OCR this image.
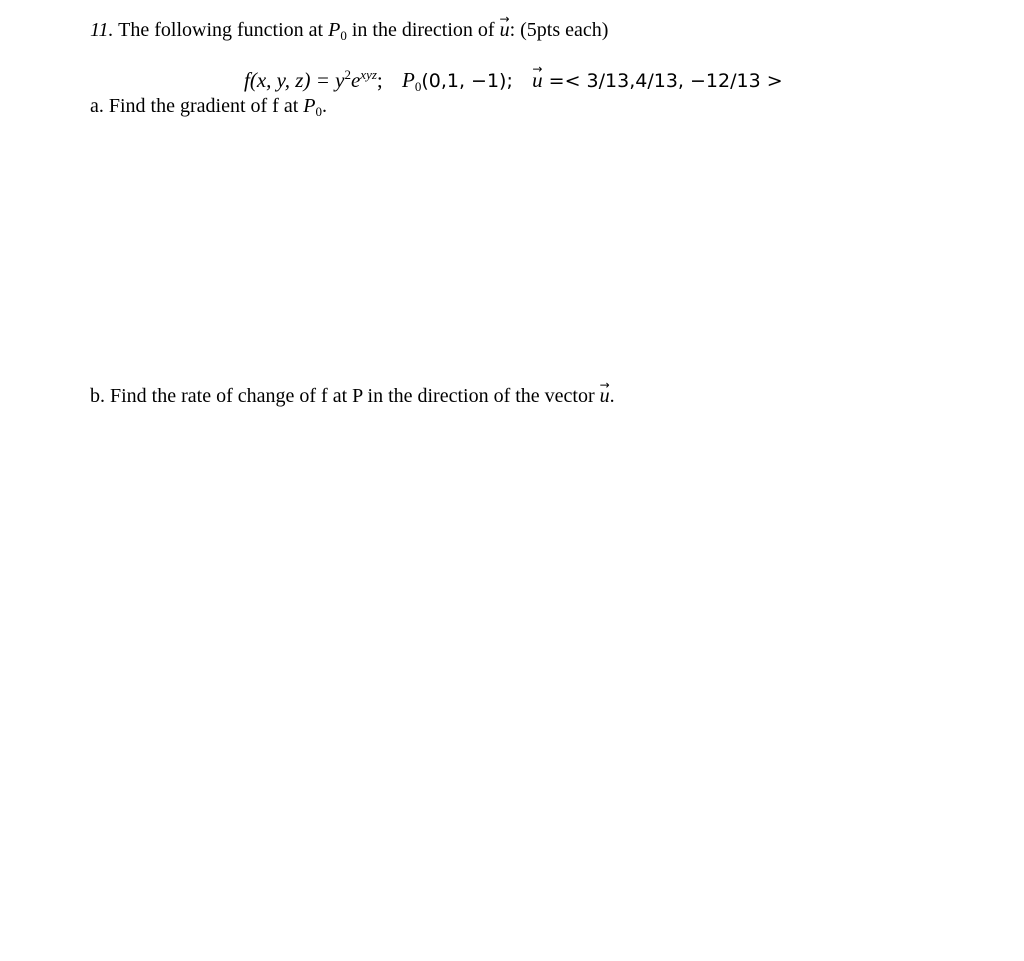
11. The following function at $P_0$ in the direction of → u: (5pts each)
f(x, y, $z) = y^2e^{xyz}$; $P_0(0,1$, −1); → u =< 3/13,4/13, −12/13 >
a. Find the gradient of f at $P_0$.
b. Find the rate of change of f at P in the direction of the vector → u.
